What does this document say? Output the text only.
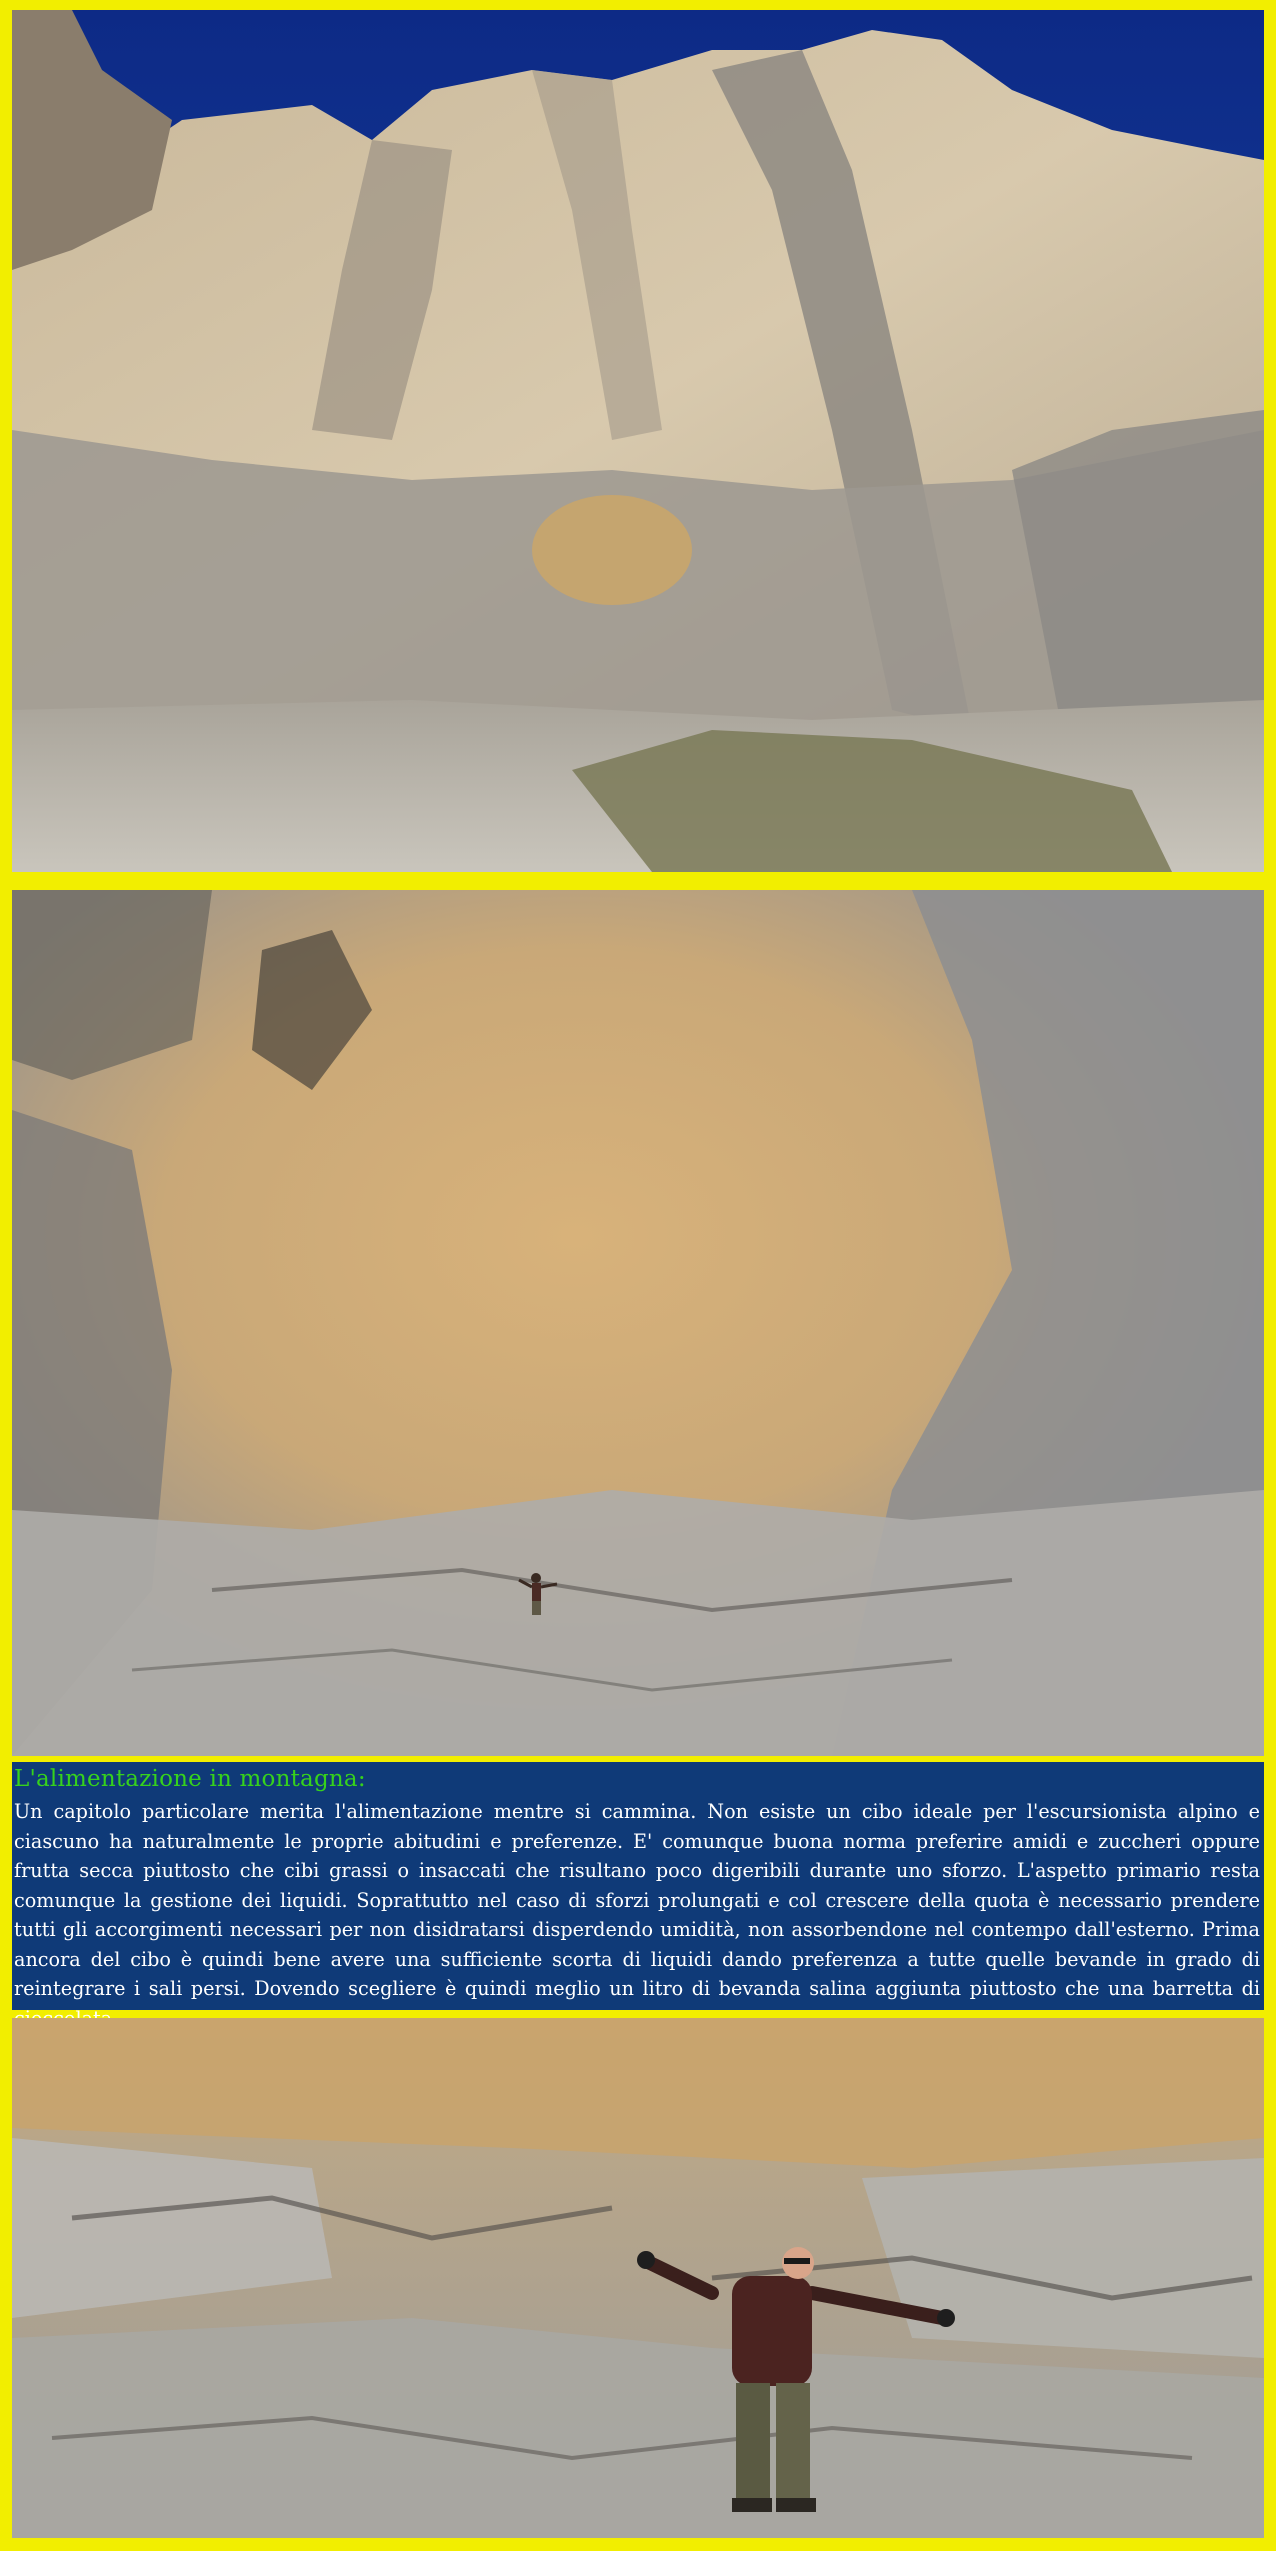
L'alimentazione in montagna:
Un capitolo particolare merita l'alimentazione mentre si cammina. Non esiste un cibo ideale per l'escursionista alpino e ciascuno ha naturalmente le proprie abitudini e preferenze. E' comunque buona norma preferire amidi e zuccheri oppure frutta secca piuttosto che cibi grassi o insaccati che risultano poco digeribili durante uno sforzo. L'aspetto primario resta comunque la gestione dei liquidi. Soprattutto nel caso di sforzi prolungati e col crescere della quota è necessario prendere tutti gli accorgimenti necessari per non disidratarsi disperdendo umidità, non assorbendone nel contempo dall'esterno. Prima ancora del cibo è quindi bene avere una sufficiente scorta di liquidi dando preferenza a tutte quelle bevande in grado di reintegrare i sali persi. Dovendo scegliere è quindi meglio un litro di bevanda salina aggiunta piuttosto che una barretta di
